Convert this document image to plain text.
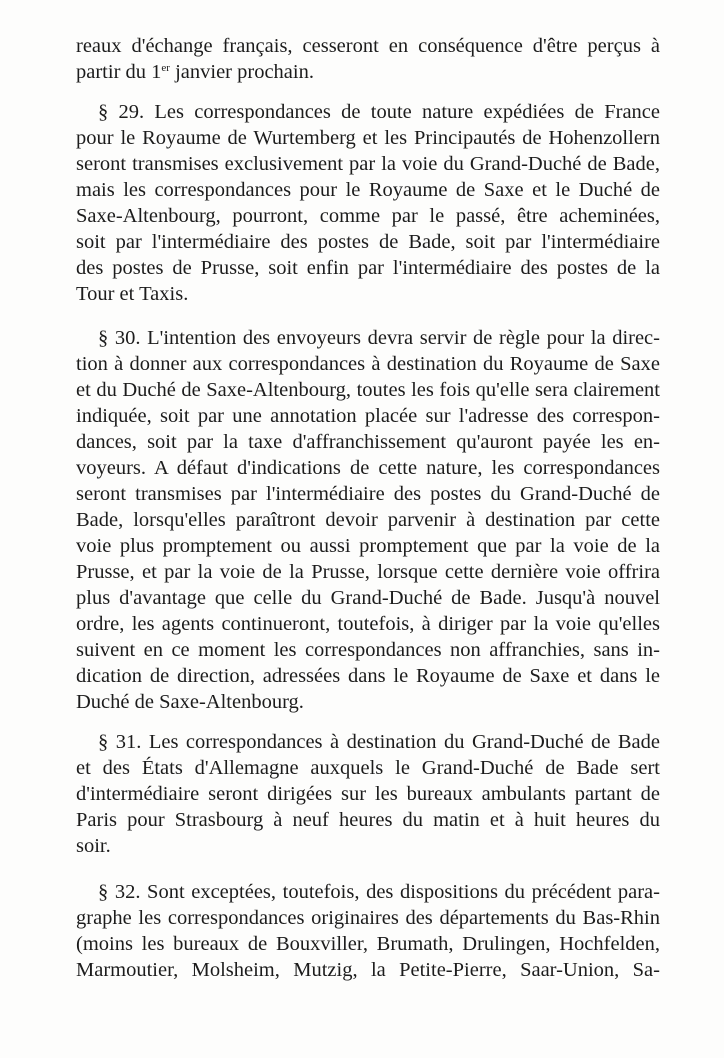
reaux d'échange français, cesseront en conséquence d'être perçus à
partir du 1er janvier prochain.
§ 29. Les correspondances de toute nature expédiées de France
pour le Royaume de Wurtemberg et les Principautés de Hohenzollern
seront transmises exclusivement par la voie du Grand-Duché de Bade,
mais les correspondances pour le Royaume de Saxe et le Duché de
Saxe-Altenbourg, pourront, comme par le passé, être acheminées,
soit par l'intermédiaire des postes de Bade, soit par l'intermédiaire
des postes de Prusse, soit enfin par l'intermédiaire des postes de la
Tour et Taxis.
§ 30. L'intention des envoyeurs devra servir de règle pour la direc-
tion à donner aux correspondances à destination du Royaume de Saxe
et du Duché de Saxe-Altenbourg, toutes les fois qu'elle sera clairement
indiquée, soit par une annotation placée sur l'adresse des correspon-
dances, soit par la taxe d'affranchissement qu'auront payée les en-
voyeurs. A défaut d'indications de cette nature, les correspondances
seront transmises par l'intermédiaire des postes du Grand-Duché de
Bade, lorsqu'elles paraîtront devoir parvenir à destination par cette
voie plus promptement ou aussi promptement que par la voie de la
Prusse, et par la voie de la Prusse, lorsque cette dernière voie offrira
plus d'avantage que celle du Grand-Duché de Bade. Jusqu'à nouvel
ordre, les agents continueront, toutefois, à diriger par la voie qu'elles
suivent en ce moment les correspondances non affranchies, sans in-
dication de direction, adressées dans le Royaume de Saxe et dans le
Duché de Saxe-Altenbourg.
§ 31. Les correspondances à destination du Grand-Duché de Bade
et des États d'Allemagne auxquels le Grand-Duché de Bade sert
d'intermédiaire seront dirigées sur les bureaux ambulants partant de
Paris pour Strasbourg à neuf heures du matin et à huit heures du
soir.
§ 32. Sont exceptées, toutefois, des dispositions du précédent para-
graphe les correspondances originaires des départements du Bas-Rhin
(moins les bureaux de Bouxviller, Brumath, Drulingen, Hochfelden,
Marmoutier, Molsheim, Mutzig, la Petite-Pierre, Saar-Union, Sa-
